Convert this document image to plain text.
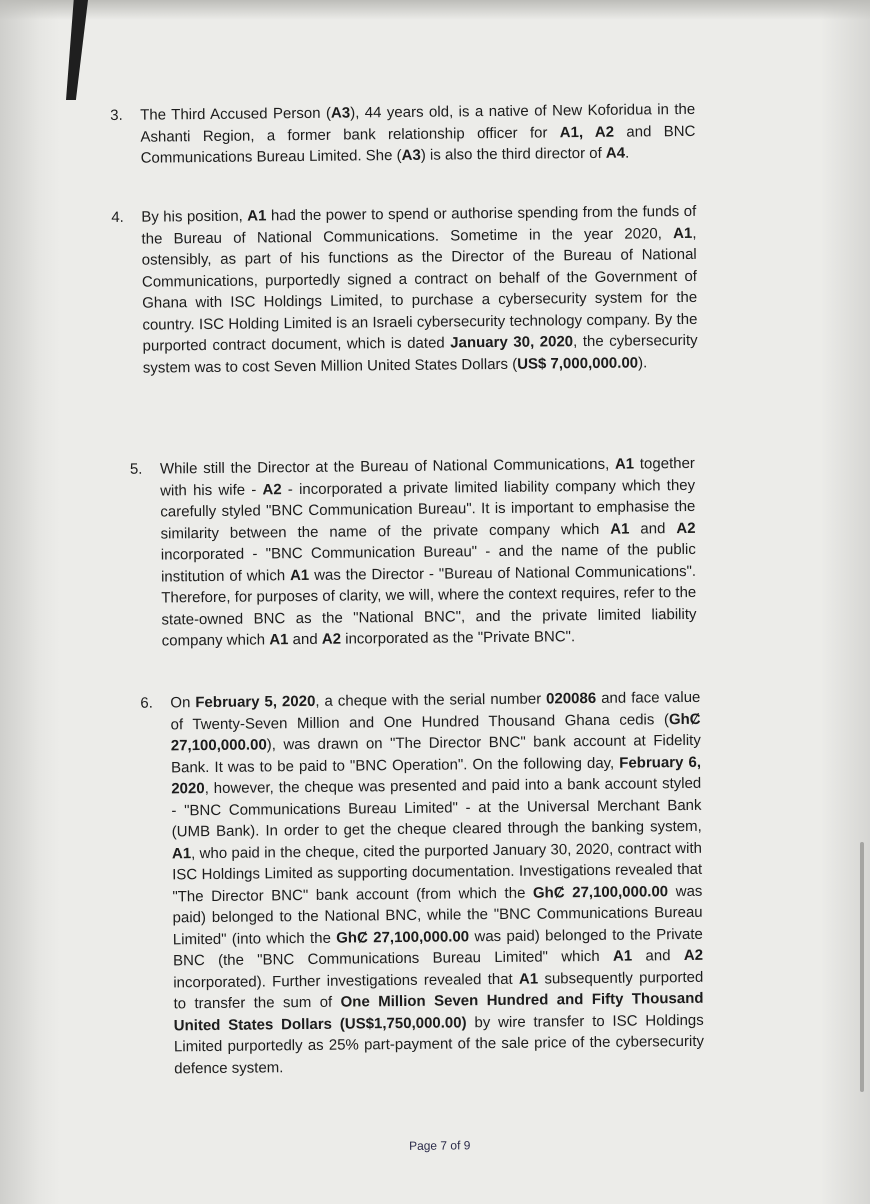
3.	The Third Accused Person (A3), 44 years old, is a native of New Koforidua in the Ashanti Region, a former bank relationship officer for A1, A2 and BNC Communications Bureau Limited. She (A3) is also the third director of A4.
4.	By his position, A1 had the power to spend or authorise spending from the funds of the Bureau of National Communications. Sometime in the year 2020, A1, ostensibly, as part of his functions as the Director of the Bureau of National Communications, purportedly signed a contract on behalf of the Government of Ghana with ISC Holdings Limited, to purchase a cybersecurity system for the country. ISC Holding Limited is an Israeli cybersecurity technology company. By the purported contract document, which is dated January 30, 2020, the cybersecurity system was to cost Seven Million United States Dollars (US$ 7,000,000.00).
5.	While still the Director at the Bureau of National Communications, A1 together with his wife - A2 - incorporated a private limited liability company which they carefully styled "BNC Communication Bureau". It is important to emphasise the similarity between the name of the private company which A1 and A2 incorporated - "BNC Communication Bureau" - and the name of the public institution of which A1 was the Director - "Bureau of National Communications". Therefore, for purposes of clarity, we will, where the context requires, refer to the state-owned BNC as the "National BNC", and the private limited liability company which A1 and A2 incorporated as the "Private BNC".
6.	On February 5, 2020, a cheque with the serial number 020086 and face value of Twenty-Seven Million and One Hundred Thousand Ghana cedis (GhȻ 27,100,000.00), was drawn on "The Director BNC" bank account at Fidelity Bank. It was to be paid to "BNC Operation". On the following day, February 6, 2020, however, the cheque was presented and paid into a bank account styled - "BNC Communications Bureau Limited" - at the Universal Merchant Bank (UMB Bank). In order to get the cheque cleared through the banking system, A1, who paid in the cheque, cited the purported January 30, 2020, contract with ISC Holdings Limited as supporting documentation. Investigations revealed that "The Director BNC" bank account (from which the GhȻ 27,100,000.00 was paid) belonged to the National BNC, while the "BNC Communications Bureau Limited" (into which the GhȻ 27,100,000.00 was paid) belonged to the Private BNC (the "BNC Communications Bureau Limited" which A1 and A2 incorporated). Further investigations revealed that A1 subsequently purported to transfer the sum of One Million Seven Hundred and Fifty Thousand United States Dollars (US$1,750,000.00) by wire transfer to ISC Holdings Limited purportedly as 25% part-payment of the sale price of the cybersecurity defence system.
Page 7 of 9
